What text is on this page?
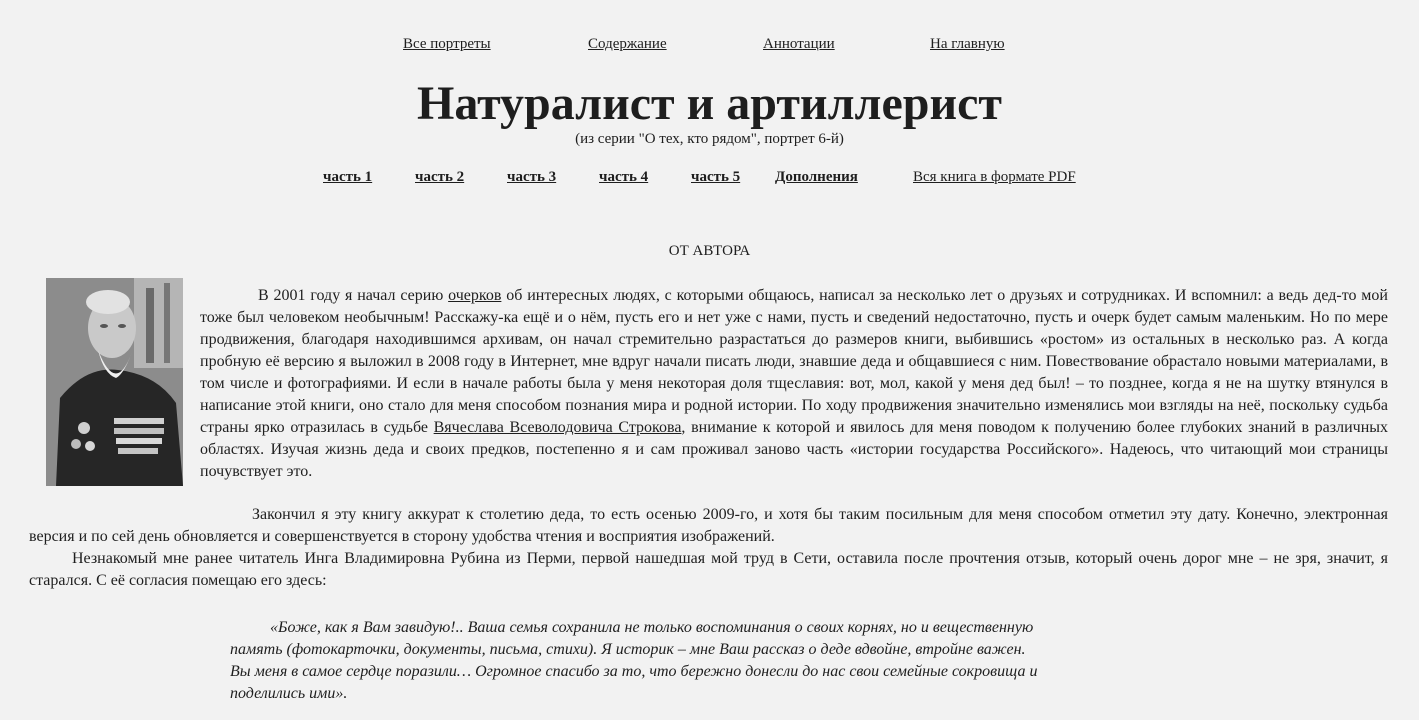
Все портреты	Содержание	Аннотации	На главную
Натуралист и артиллерист
(из серии "О тех, кто рядом", портрет 6-й)
часть 1	часть 2	часть 3	часть 4	часть 5 Дополнения	Вся книга в формате PDF
ОТ АВТОРА

В 2001 году я начал серию очерков об интересных людях, с которыми общаюсь, написал за несколько лет о друзьях и сотрудниках. И вспомнил: а ведь дед-то мой тоже был человеком необычным! Расскажу-ка ещё и о нём, пусть его и нет уже с нами, пусть и сведений недостаточно, пусть и очерк будет самым маленьким. Но по мере продвижения, благодаря находившимся архивам, он начал стремительно разрастаться до размеров книги, выбившись «ростом» из остальных в несколько раз. А когда пробную её версию я выложил в 2008 году в Интернет, мне вдруг начали писать люди, знавшие деда и общавшиеся с ним. Повествование обрастало новыми материалами, в том числе и фотографиями. И если в начале работы была у меня некоторая доля тщеславия: вот, мол, какой у меня дед был! – то позднее, когда я не на шутку втянулся в написание этой книги, оно стало для меня способом познания мира и родной истории. По ходу продвижения значительно изменялись мои взгляды на неё, поскольку судьба страны ярко отразилась в судьбе Вячеслава Всеволодовича Строкова, внимание к которой и явилось для меня поводом к получению более глубоких знаний в различных областях. Изучая жизнь деда и своих предков, постепенно я и сам проживал заново часть «истории государства Российского». Надеюсь, что читающий мои страницы почувствует это.

Закончил я эту книгу аккурат к столетию деда, то есть осенью 2009-го, и хотя бы таким посильным для меня способом отметил эту дату. Конечно, электронная версия и по сей день обновляется и совершенствуется в сторону удобства чтения и восприятия изображений.

Незнакомый мне ранее читатель Инга Владимировна Рубина из Перми, первой нашедшая мой труд в Сети, оставила после прочтения отзыв, который очень дорог мне – не зря, значит, я старался. С её согласия помещаю его здесь:

«Боже, как я Вам завидую!.. Ваша семья сохранила не только воспоминания о своих корнях, но и вещественную
память (фотокарточки, документы, письма, стихи). Я историк – мне Ваш рассказ о деде вдвойне, втройне важен.
Вы меня в самое сердце поразили… Огромное спасибо за то, что бережно донесли до нас свои семейные сокровища и
поделились ими».
